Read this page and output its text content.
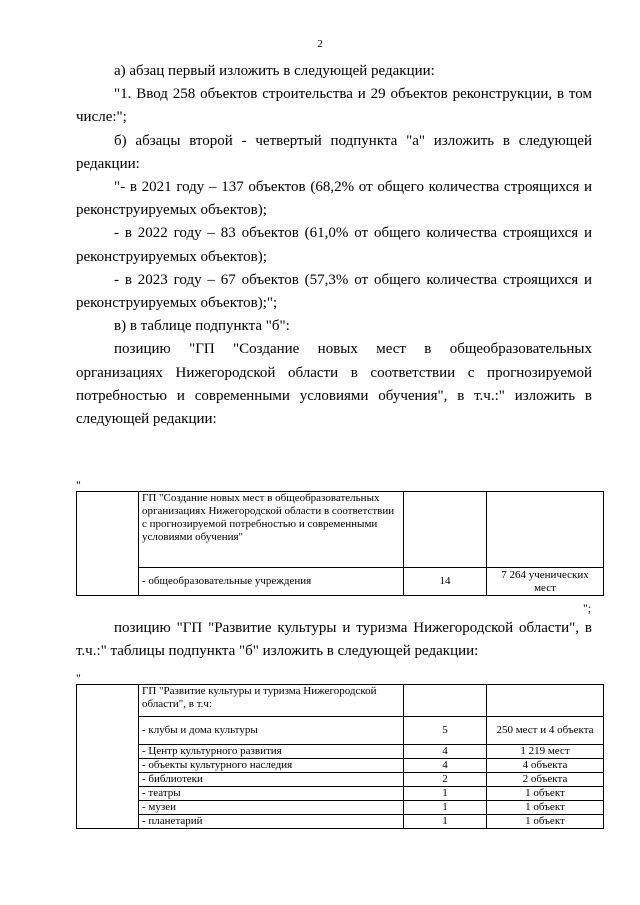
2

а) абзац первый изложить в следующей редакции:

"1. Ввод 258 объектов строительства и 29 объектов реконструкции, в том числе:";

б) абзацы второй - четвертый подпункта "а" изложить в следующей редакции:

"- в 2021 году – 137 объектов (68,2% от общего количества строящихся и реконструируемых объектов);

- в 2022 году – 83 объектов (61,0% от общего количества строящихся и реконструируемых объектов);

- в 2023 году – 67 объектов (57,3% от общего количества строящихся и реконструируемых объектов);";

в) в таблице подпункта "б":

позицию "ГП "Создание новых мест в общеобразовательных организациях Нижегородской области в соответствии с прогнозируемой потребностью и современными условиями обучения", в т.ч.:" изложить в следующей редакции:

"
	ГП "Создание новых мест в общеобразовательных организациях Нижегородской области в соответствии с прогнозируемой потребностью и современными условиями обучения"		
	- общеобразовательные учреждения	14	7 264 ученических мест
";

позицию "ГП "Развитие культуры и туризма Нижегородской области", в т.ч.:" таблицы подпункта "б" изложить в следующей редакции:

"
	ГП "Развитие культуры и туризма Нижегородской области", в т.ч:		
	- клубы и дома культуры	5	250 мест и 4 объекта
	- Центр культурного развития	4	1 219 мест
	- объекты культурного наследия	4	4 объекта
	- библиотеки	2	2 объекта
	- театры	1	1 объект
	- музеи	1	1 объект
	- планетарий	1	1 объект
